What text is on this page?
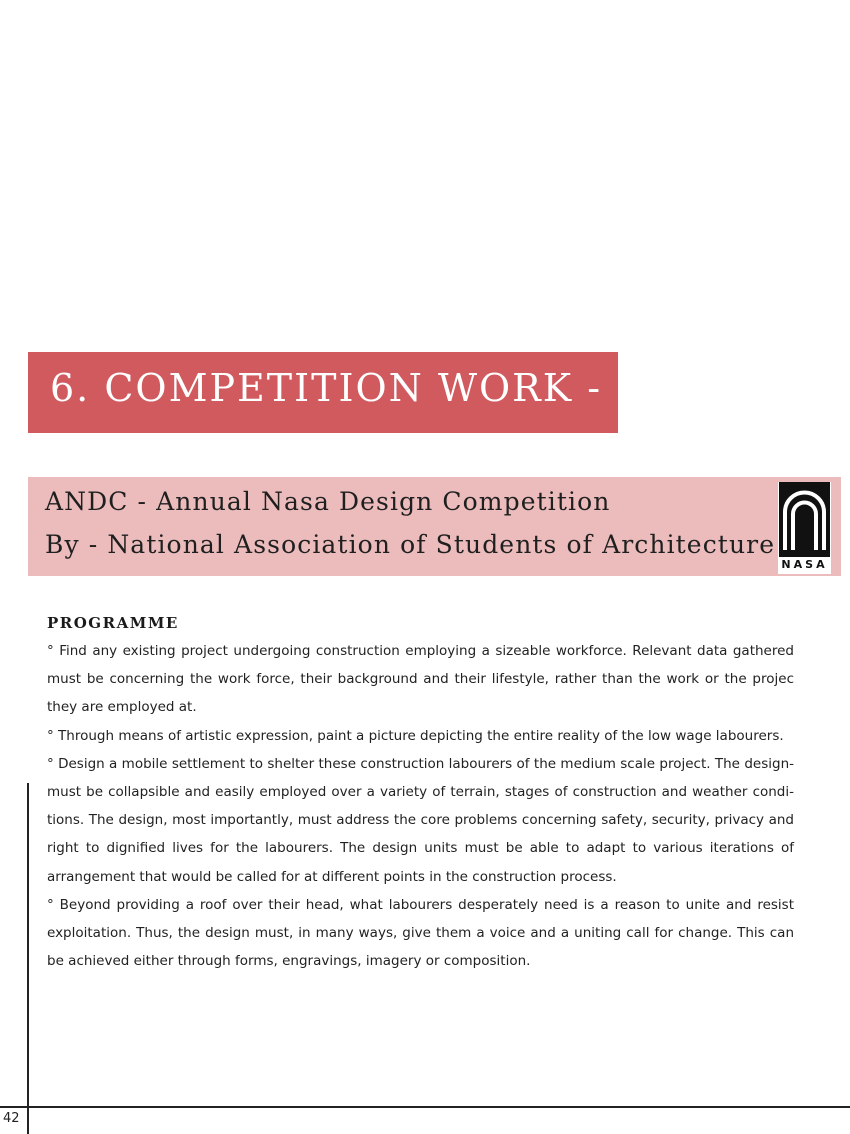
6. COMPETITION WORK - 2

ANDC - Annual Nasa Design Competition

By - National Association of Students of Architecture

NASA
PROGRAMME

° Find any existing project undergoing construction employing a sizeable workforce. Relevant data gathered must be concerning the work force, their background and their lifestyle, rather than the work or the projec they are employed at.

° Through means of artistic expression, paint a picture depicting the entire reality of the low wage labourers.

° Design a mobile settlement to shelter these construction labourers of the medium scale project. The design-must be collapsible and easily employed over a variety of terrain, stages of construction and weather condi-tions. The design, most importantly, must address the core problems concerning safety, security, privacy and right to dignified lives for the labourers. The design units must be able to adapt to various iterations of arrangement that would be called for at different points in the construction process.

° Beyond providing a roof over their head, what labourers desperately need is a reason to unite and resist exploitation. Thus, the design must, in many ways, give them a voice and a uniting call for change. This can be achieved either through forms, engravings, imagery or composition.

42
